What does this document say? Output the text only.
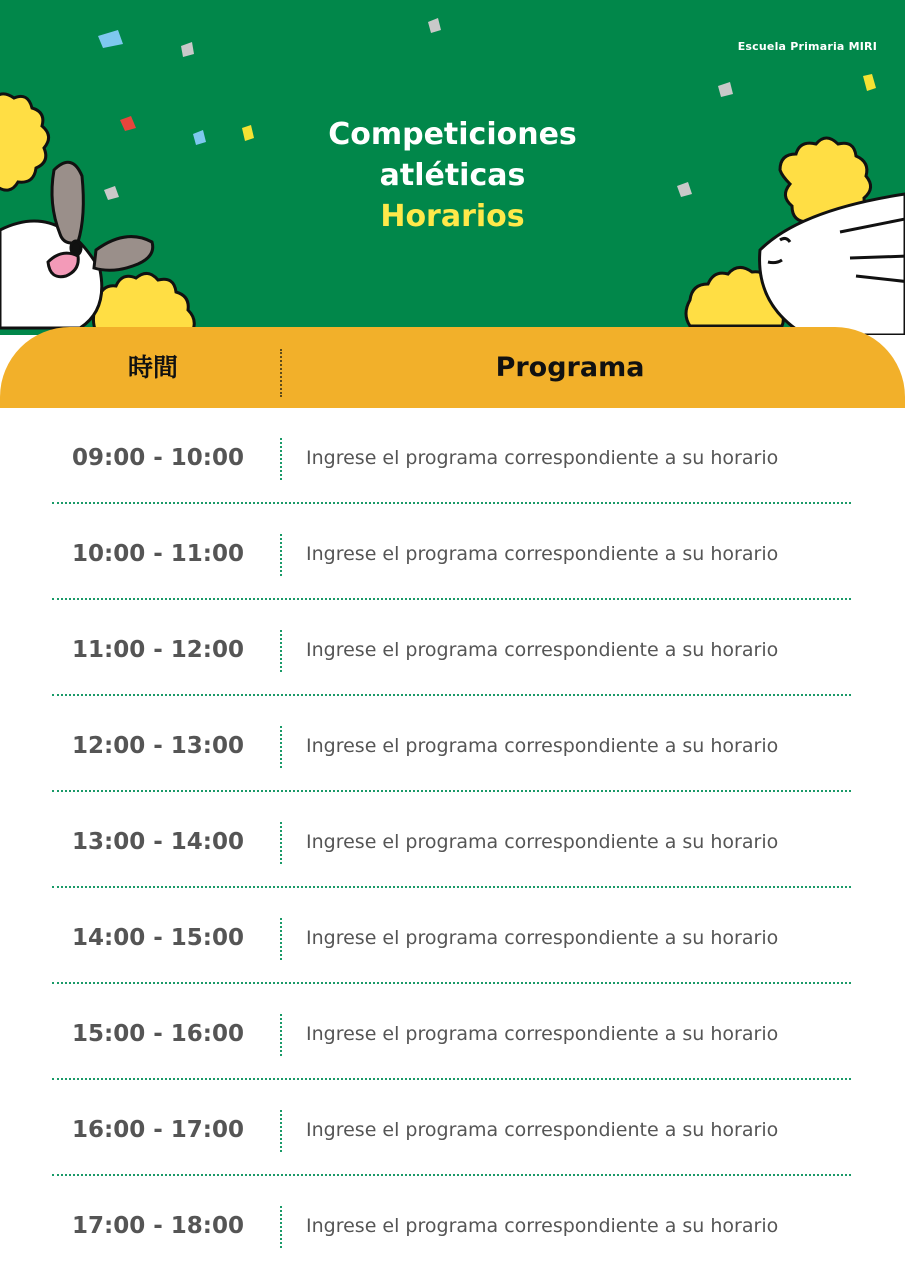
Escuela Primaria MIRI
Competiciones
atléticas
Horarios
時間	Programa
09:00 - 10:00	Ingrese el programa correspondiente a su horario
10:00 - 11:00	Ingrese el programa correspondiente a su horario
11:00 - 12:00	Ingrese el programa correspondiente a su horario
12:00 - 13:00	Ingrese el programa correspondiente a su horario
13:00 - 14:00	Ingrese el programa correspondiente a su horario
14:00 - 15:00	Ingrese el programa correspondiente a su horario
15:00 - 16:00	Ingrese el programa correspondiente a su horario
16:00 - 17:00	Ingrese el programa correspondiente a su horario
17:00 - 18:00	Ingrese el programa correspondiente a su horario
